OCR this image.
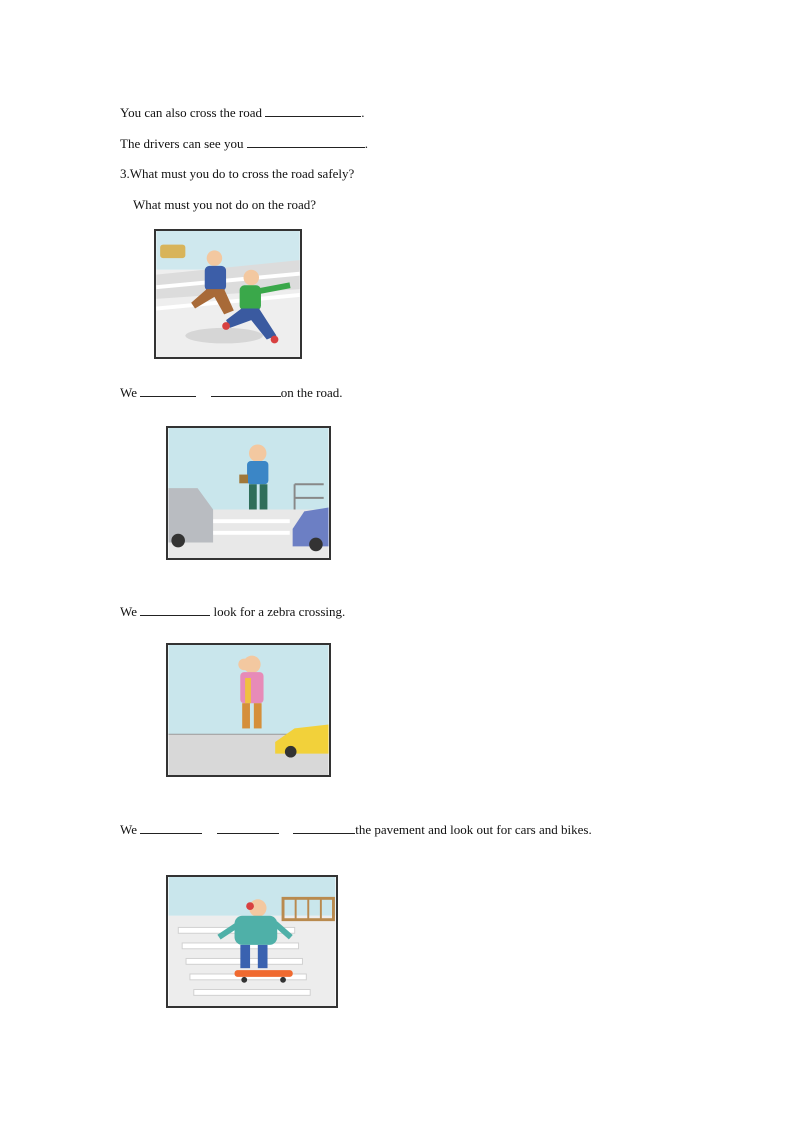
You can also cross the road	.
The drivers can see you	.
3.What must you do to cross the road safely?
What must you not do on the road?
We	on the road.
We	look for a zebra crossing.
We	the pavement and look out for cars and bikes.
